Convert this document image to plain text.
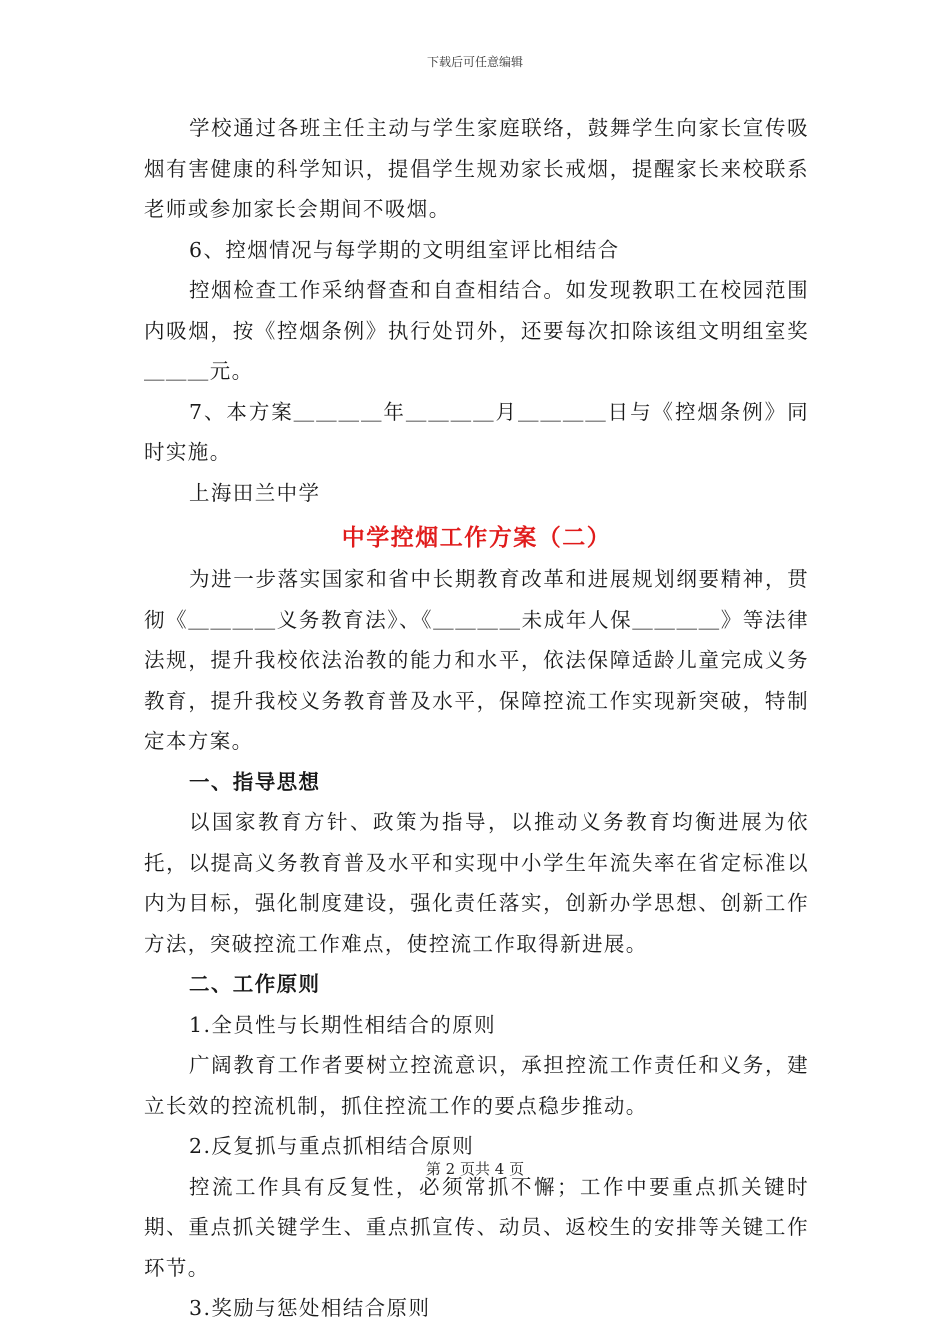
下载后可任意编辑

学校通过各班主任主动与学生家庭联络，鼓舞学生向家长宣传吸烟有害健康的科学知识，提倡学生规劝家长戒烟，提醒家长来校联系老师或参加家长会期间不吸烟。

6、控烟情况与每学期的文明组室评比相结合

控烟检查工作采纳督查和自查相结合。如发现教职工在校园范围内吸烟，按《控烟条例》执行处罚外，还要每次扣除该组文明组室奖＿＿＿元。

7、本方案＿＿＿＿年＿＿＿＿月＿＿＿＿日与《控烟条例》同时实施。

上海田兰中学

中学控烟工作方案（二）

为进一步落实国家和省中长期教育改革和进展规划纲要精神，贯彻《＿＿＿＿义务教育法》、《＿＿＿＿未成年人保＿＿＿＿》等法律法规，提升我校依法治教的能力和水平，依法保障适龄儿童完成义务教育，提升我校义务教育普及水平，保障控流工作实现新突破，特制定本方案。

一、指导思想

以国家教育方针、政策为指导，以推动义务教育均衡进展为依托，以提高义务教育普及水平和实现中小学生年流失率在省定标准以内为目标，强化制度建设，强化责任落实，创新办学思想、创新工作方法，突破控流工作难点，使控流工作取得新进展。

二、工作原则

1.全员性与长期性相结合的原则

广阔教育工作者要树立控流意识，承担控流工作责任和义务，建立长效的控流机制，抓住控流工作的要点稳步推动。

2.反复抓与重点抓相结合原则

控流工作具有反复性，必须常抓不懈；工作中要重点抓关键时期、重点抓关键学生、重点抓宣传、动员、返校生的安排等关键工作环节。

3.奖励与惩处相结合原则

第 2 页共 4 页
